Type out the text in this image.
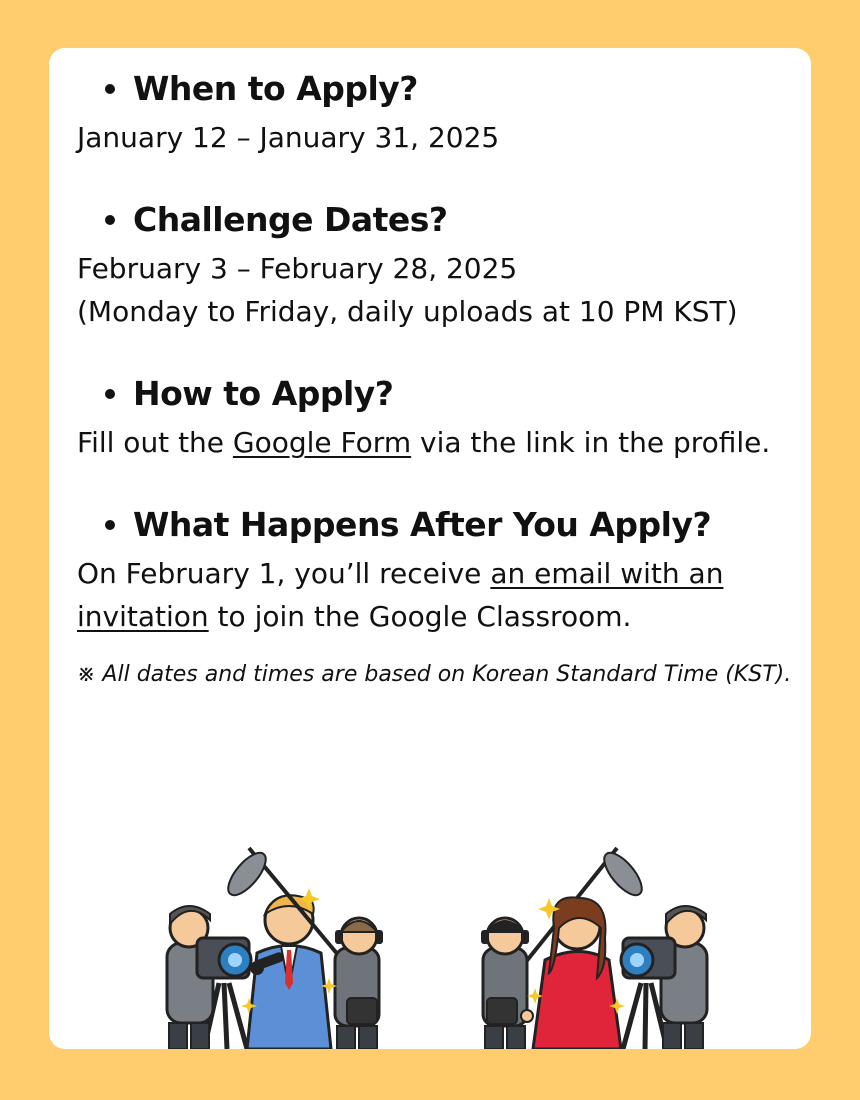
When to Apply?

January 12 – January 31, 2025

Challenge Dates?

February 3 – February 28, 2025

(Monday to Friday, daily uploads at 10 PM KST)

How to Apply?

Fill out the Google Form via the link in the profile.

What Happens After You Apply?

On February 1, you’ll receive an email with an invitation to join the Google Classroom.

※ All dates and times are based on Korean Standard Time (KST).
